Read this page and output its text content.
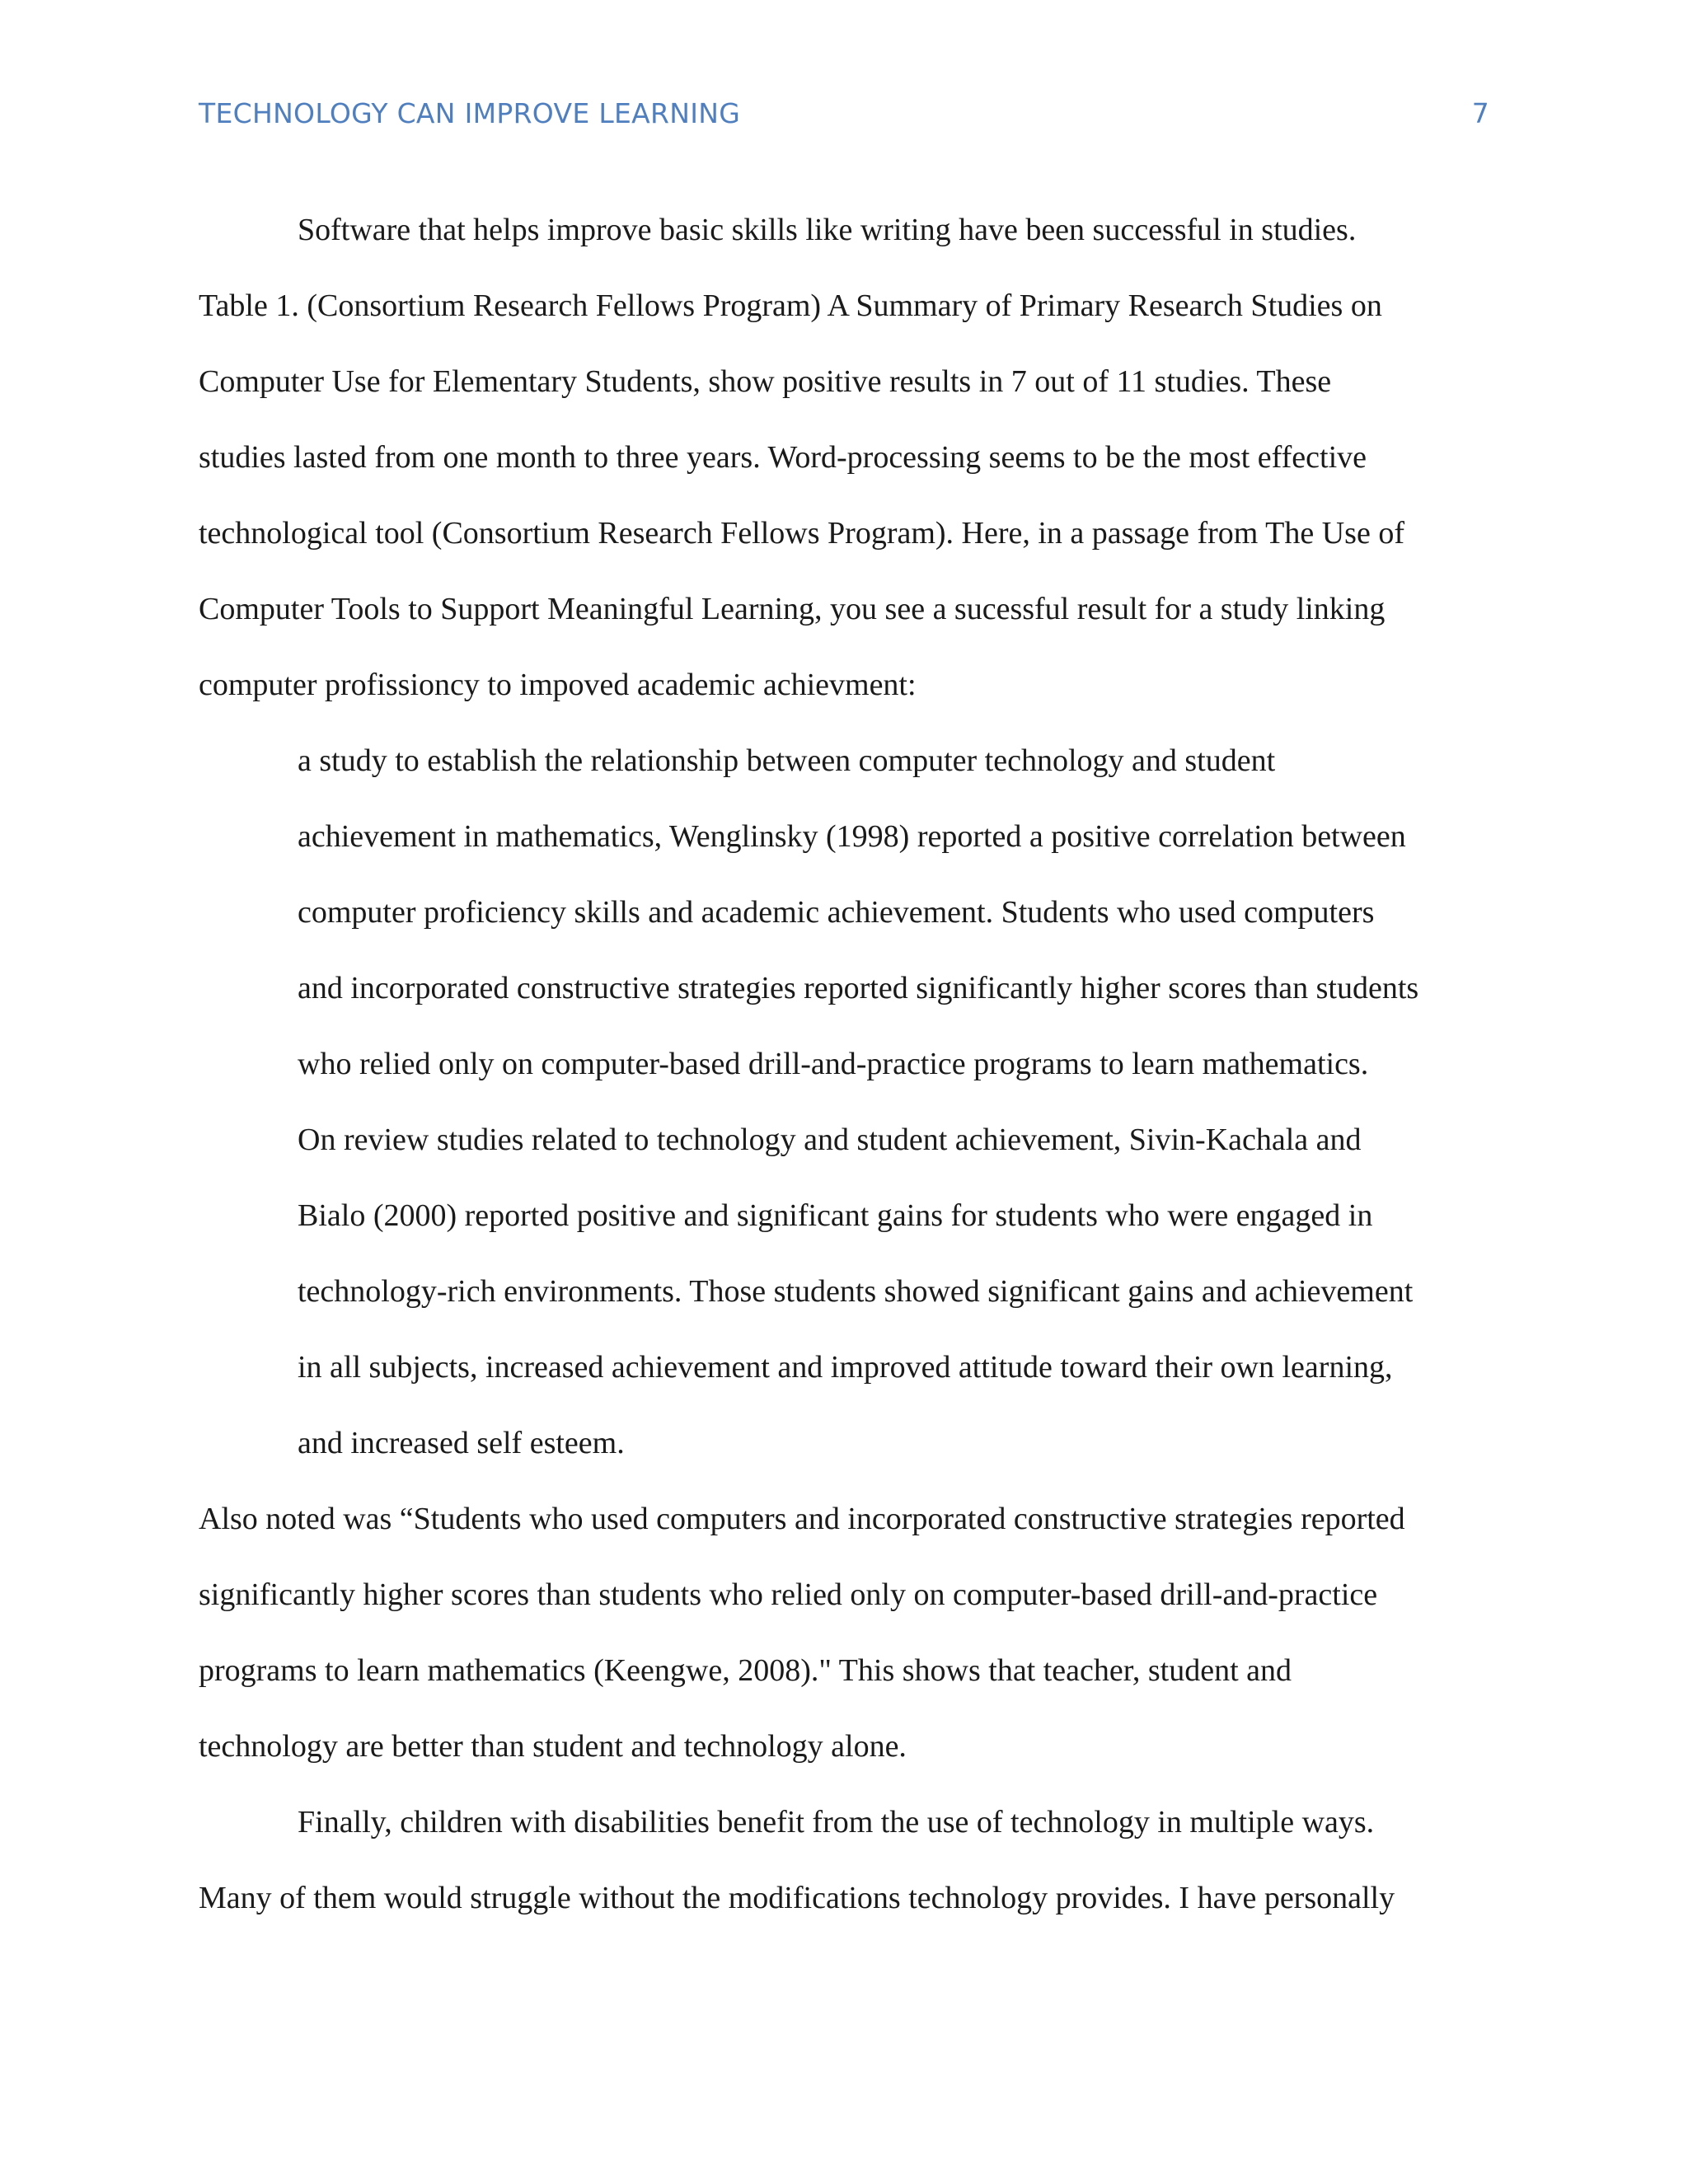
TECHNOLOGY CAN IMPROVE LEARNING	7
Software that helps improve basic skills like writing have been successful in studies.
Table 1. (Consortium Research Fellows Program) A Summary of Primary Research Studies on
Computer Use for Elementary Students, show positive results in 7 out of 11 studies. These
studies lasted from one month to three years. Word-processing seems to be the most effective
technological tool (Consortium Research Fellows Program). Here, in a passage from The Use of
Computer Tools to Support Meaningful Learning, you see a sucessful result for a study linking
computer profissioncy to impoved academic achievment:
a study to establish the relationship between computer technology and student
achievement in mathematics, Wenglinsky (1998) reported a positive correlation between
computer proficiency skills and academic achievement. Students who used computers
and incorporated constructive strategies reported significantly higher scores than students
who relied only on computer-based drill-and-practice programs to learn mathematics.
On review studies related to technology and student achievement, Sivin-Kachala and
Bialo (2000) reported positive and significant gains for students who were engaged in
technology-rich environments. Those students showed significant gains and achievement
in all subjects, increased achievement and improved attitude toward their own learning,
and increased self esteem.
Also noted was “Students who used computers and incorporated constructive strategies reported
significantly higher scores than students who relied only on computer-based drill-and-practice
programs to learn mathematics (Keengwe, 2008)." This shows that teacher, student and
technology are better than student and technology alone.
Finally, children with disabilities benefit from the use of technology in multiple ways.
Many of them would struggle without the modifications technology provides. I have personally
